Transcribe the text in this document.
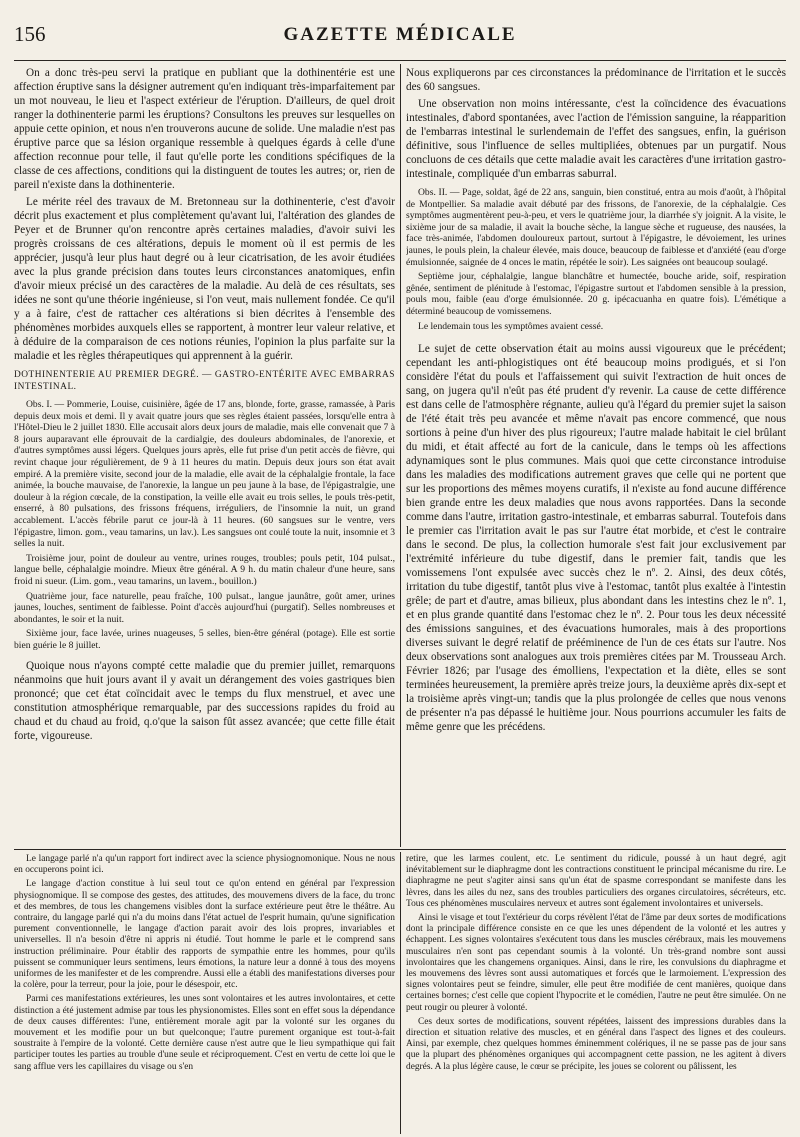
156	GAZETTE MÉDICALE

On a donc très-peu servi la pratique en publiant que la dothinentérie est une affection éruptive sans la désigner autrement qu'en indiquant très-imparfaitement par un mot nouveau, le lieu et l'aspect extérieur de l'éruption. D'ailleurs, de quel droit ranger la dothinenterie parmi les éruptions? Consultons les preuves sur lesquelles on appuie cette opinion, et nous n'en trouverons aucune de solide. Une maladie n'est pas éruptive parce que sa lésion organique ressemble à quelques égards à celle d'une affection reconnue pour telle, il faut qu'elle porte les conditions spécifiques de la classe de ces affections, conditions qui la distinguent de toutes les autres; or, rien de pareil n'existe dans la dothinenterie.

Le mérite réel des travaux de M. Bretonneau sur la dothinenterie, c'est d'avoir décrit plus exactement et plus complètement qu'avant lui, l'altération des glandes de Peyer et de Brunner qu'on rencontre après certaines maladies, d'avoir suivi les progrès croissans de ces altérations, depuis le moment où il est permis de les apprécier, jusqu'à leur plus haut degré ou à leur cicatrisation, de les avoir étudiées avec la plus grande précision dans toutes leurs circonstances anatomiques, enfin d'avoir mieux précisé un des caractères de la maladie. Au delà de ces résultats, ses idées ne sont qu'une théorie ingénieuse, si l'on veut, mais nullement fondée. Ce qu'il y a à faire, c'est de rattacher ces altérations si bien décrites à l'ensemble des phénomènes morbides auxquels elles se rapportent, à montrer leur valeur relative, et à déduire de la comparaison de ces notions réunies, l'opinion la plus parfaite sur la maladie et les règles thérapeutiques qui apprennent à la guérir.

DOTHINENTERIE AU PREMIER DEGRÉ. — GASTRO-ENTÉRITE AVEC EMBARRAS INTESTINAL.

Obs. I. — Pommerie, Louise, cuisinière, âgée de 17 ans, blonde, forte, grasse, ramassée, à Paris depuis deux mois et demi. Il y avait quatre jours que ses règles étaient passées, lorsqu'elle entra à l'Hôtel-Dieu le 2 juillet 1830. Elle accusait alors deux jours de maladie, mais elle convenait que 7 à 8 jours auparavant elle éprouvait de la cardialgie, des douleurs abdominales, de l'anorexie, et d'autres symptômes aussi légers. Quelques jours après, elle fut prise d'un petit accès de fièvre, qui revint chaque jour régulièrement, de 9 à 11 heures du matin. Depuis deux jours son état avait empiré. A la première visite, second jour de la maladie, elle avait de la céphalalgie frontale, la face animée, la bouche mauvaise, de l'anorexie, la langue un peu jaune à la base, de l'épigastralgie, une douleur à la région cœcale, de la constipation, la veille elle avait eu trois selles, le pouls très-petit, enserré, à 80 pulsations, des frissons fréquens, irréguliers, de l'insomnie la nuit, un grand accablement. L'accès fébrile parut ce jour-là à 11 heures. (60 sangsues sur le ventre, vers l'épigastre, limon. gom., veau tamarins, un lav.). Les sangsues ont coulé toute la nuit, insomnie et 3 selles la nuit.

Troisième jour, point de douleur au ventre, urines rouges, troubles; pouls petit, 104 pulsat., langue belle, céphalalgie moindre. Mieux être général. A 9 h. du matin chaleur d'une heure, sans froid ni sueur. (Lim. gom., veau tamarins, un lavem., bouillon.)

Quatrième jour, face naturelle, peau fraîche, 100 pulsat., langue jaunâtre, goût amer, urines jaunes, louches, sentiment de faiblesse. Point d'accès aujourd'hui (purgatif). Selles nombreuses et abondantes, le soir et la nuit.

Sixième jour, face lavée, urines nuageuses, 5 selles, bien-être général (potage). Elle est sortie bien guérie le 8 juillet.

Quoique nous n'ayons compté cette maladie que du premier juillet, remarquons néanmoins que huit jours avant il y avait un dérangement des voies gastriques bien prononcé; que cet état coïncidait avec le temps du flux menstruel, et avec une constitution atmosphérique remarquable, par des successions rapides du froid au chaud et du chaud au froid, q.o'que la saison fût assez avancée; que cette fille était forte, vigoureuse.

Nous expliquerons par ces circonstances la prédominance de l'irritation et le succès des 60 sangsues.

Une observation non moins intéressante, c'est la coïncidence des évacuations intestinales, d'abord spontanées, avec l'action de l'émission sanguine, la réapparition de l'embarras intestinal le surlendemain de l'effet des sangsues, enfin, la guérison définitive, sous l'influence de selles multipliées, obtenues par un purgatif. Nous concluons de ces détails que cette maladie avait les caractères d'une irritation gastro-intestinale, compliquée d'un embarras saburral.

Obs. II. — Page, soldat, âgé de 22 ans, sanguin, bien constitué, entra au mois d'août, à l'hôpital de Montpellier. Sa maladie avait débuté par des frissons, de l'anorexie, de la céphalalgie. Ces symptômes augmentèrent peu-à-peu, et vers le quatrième jour, la diarrhée s'y joignit. A la visite, le sixième jour de sa maladie, il avait la bouche sèche, la langue sèche et rugueuse, des nausées, la face très-animée, l'abdomen douloureux partout, surtout à l'épigastre, le dévoiement, les urines jaunes, le pouls plein, la chaleur élevée, mais douce, beaucoup de faiblesse et d'anxiété (eau d'orge émulsionnée, saignée de 4 onces le matin, répétée le soir). Les saignées ont beaucoup soulagé.

Septième jour, céphalalgie, langue blanchâtre et humectée, bouche aride, soif, respiration gênée, sentiment de plénitude à l'estomac, l'épigastre surtout et l'abdomen sensible à la pression, pouls mou, faible (eau d'orge émulsionnée. 20 g. ipécacuanha en quatre fois). L'émétique a déterminé beaucoup de vomissemens.

Le lendemain tous les symptômes avaient cessé.

Le sujet de cette observation était au moins aussi vigoureux que le précédent; cependant les anti-phlogistiques ont été beaucoup moins prodigués, et si l'on considère l'état du pouls et l'affaissement qui suivit l'extraction de huit onces de sang, on jugera qu'il n'eût pas été prudent d'y revenir. La cause de cette différence est dans celle de l'atmosphère régnante, aulieu qu'à l'égard du premier sujet la saison de l'été était très peu avancée et même n'avait pas encore commencé, que nous sortions à peine d'un hiver des plus rigoureux; l'autre malade habitait le ciel brûlant du midi, et était affecté au fort de la canicule, dans le temps où les affections adynamiques sont le plus communes. Mais quoi que cette circonstance introduise dans les maladies des modifications autrement graves que celle qui ne portent que sur les proportions des mêmes moyens curatifs, il n'existe au fond aucune différence bien grande entre les deux maladies que nous avons rapportées. Dans la seconde comme dans l'autre, irritation gastro-intestinale, et embarras saburral. Toutefois dans le premier cas l'irritation avait le pas sur l'autre état morbide, et c'est le contraire dans le second. De plus, la collection humorale s'est fait jour exclusivement par l'extrémité inférieure du tube digestif, dans le premier fait, tandis que les vomissemens l'ont expulsée avec succès chez le nº. 2. Ainsi, des deux côtés, irritation du tube digestif, tantôt plus vive à l'estomac, tantôt plus exaltée à l'intestin grêle; de part et d'autre, amas bilieux, plus abondant dans les intestins chez le nº. 1, et en plus grande quantité dans l'estomac chez le nº. 2. Pour tous les deux nécessité des émissions sanguines, et des évacuations humorales, mais à des proportions diverses suivant le degré relatif de prééminence de l'un de ces états sur l'autre. Nos deux observations sont analogues aux trois premières citées par M. Trousseau Arch. Février 1826; par l'usage des émolliens, l'expectation et la diète, elles se sont terminées heureusement, la première après treize jours, la deuxième après dix-sept et la troisième après vingt-un; tandis que la plus prolongée de celles que nous venons de présenter n'a pas dépassé le huitième jour. Nous pourrions accumuler les faits de même genre que les précédens.

Le langage parlé n'a qu'un rapport fort indirect avec la science physiognomonique. Nous ne nous en occuperons point ici.

Le langage d'action constitue à lui seul tout ce qu'on entend en général par l'expression physiognomique. Il se compose des gestes, des attitudes, des mouvemens divers de la face, du tronc et des membres, de tous les changemens visibles dont la surface extérieure peut être le théâtre. Au contraire, du langage parlé qui n'a du moins dans l'état actuel de l'esprit humain, qu'une signification purement conventionnelle, le langage d'action parait avoir des lois propres, invariables et universelles. Il n'a besoin d'être ni appris ni étudié. Tout homme le parle et le comprend sans instruction préliminaire. Pour établir des rapports de sympathie entre les hommes, pour qu'ils puissent se communiquer leurs sentimens, leurs émotions, la nature leur a donné à tous des moyens uniformes de les manifester et de les comprendre. Aussi elle a établi des manifestations diverses pour la colère, pour la terreur, pour la joie, pour le désespoir, etc.

Parmi ces manifestations extérieures, les unes sont volontaires et les autres involontaires, et cette distinction a été justement admise par tous les physionomistes. Elles sont en effet sous la dépendance de deux causes différentes: l'une, entièrement morale agit par la volonté sur les organes du mouvement et les modifie pour un but quelconque; l'autre purement organique est tout-à-fait soustraite à l'empire de la volonté. Cette dernière cause n'est autre que le lieu sympathique qui fait participer toutes les parties au trouble d'une seule et réciproquement. C'est en vertu de cette loi que le sang afflue vers les capillaires du visage ou s'en

retire, que les larmes coulent, etc. Le sentiment du ridicule, poussé à un haut degré, agit inévitablement sur le diaphragme dont les contractions constituent le principal mécanisme du rire. Le diaphragme ne peut s'agiter ainsi sans qu'un état de spasme correspondant se manifeste dans les lèvres, dans les ailes du nez, sans des troubles particuliers des organes circulatoires, sécréteurs, etc. Tous ces phénomènes musculaires nerveux et autres sont également involontaires et universels.

Ainsi le visage et tout l'extérieur du corps révèlent l'état de l'âme par deux sortes de modifications dont la principale différence consiste en ce que les unes dépendent de la volonté et les autres y échappent. Les signes volontaires s'exécutent tous dans les muscles cérébraux, mais les mouvemens musculaires n'en sont pas cependant soumis à la volonté. Un très-grand nombre sont aussi involontaires que les changemens organiques. Ainsi, dans le rire, les convulsions du diaphragme et les mouvemens des lèvres sont aussi automatiques et forcés que le larmoiement. L'expression des signes volontaires peut se feindre, simuler, elle peut être modifiée de cent manières, quoique dans certaines bornes; c'est celle que copient l'hypocrite et le comédien, l'autre ne peut être simulée. On ne peut rougir ou pleurer à volonté.

Ces deux sortes de modifications, souvent répétées, laissent des impressions durables dans la direction et situation relative des muscles, et en général dans l'aspect des lignes et des couleurs. Ainsi, par exemple, chez quelques hommes éminemment colériques, il ne se passe pas de jour sans que la plupart des phénomènes organiques qui accompagnent cette passion, ne les agitent à divers degrés. A la plus légère cause, le cœur se précipite, les joues se colorent ou pâlissent, les
